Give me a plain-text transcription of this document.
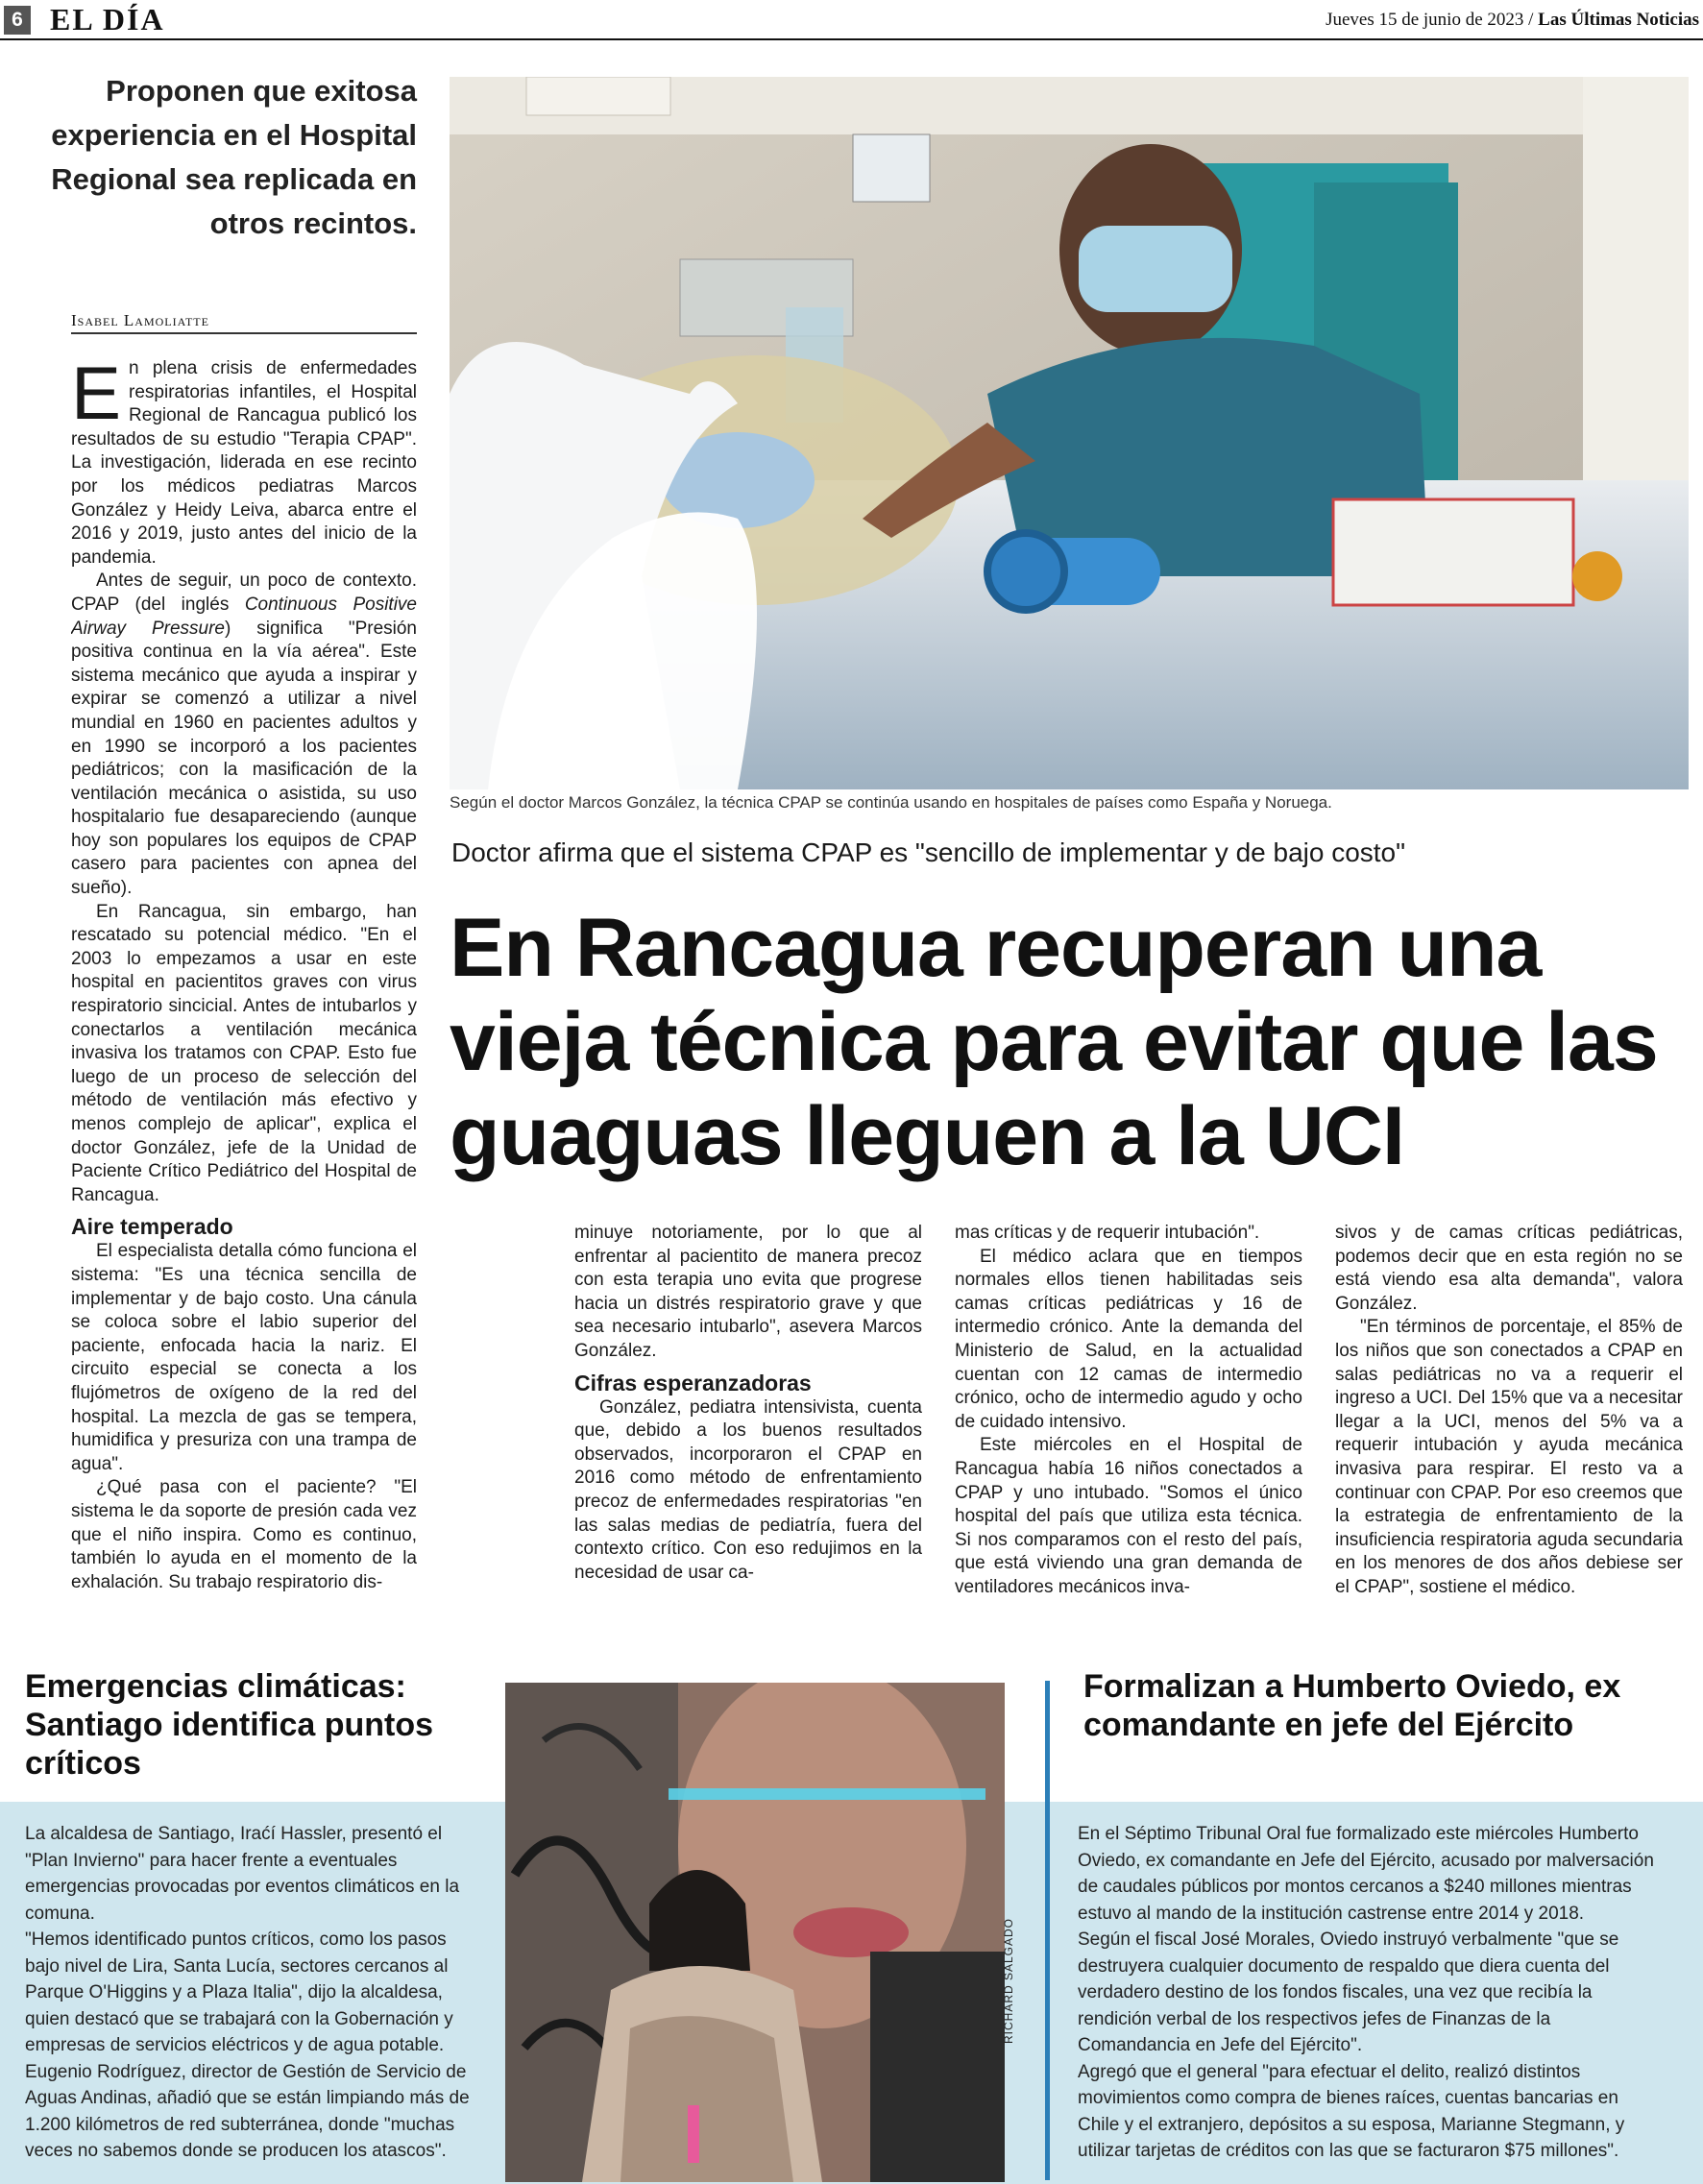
6 EL DÍA	Jueves 15 de junio de 2023 / Las Últimas Noticias
Proponen que exitosa experiencia en el Hospital Regional sea replicada en otros recintos.
Isabel Lamoliatte

En plena crisis de enfermedades respiratorias infantiles, el Hospital Regional de Rancagua publicó los resultados de su estudio "Terapia CPAP". La investigación, liderada en ese recinto por los médicos pediatras Marcos González y Heidy Leiva, abarca entre el 2016 y 2019, justo antes del inicio de la pandemia.

Antes de seguir, un poco de contexto. CPAP (del inglés Continuous Positive Airway Pressure) significa "Presión positiva continua en la vía aérea". Este sistema mecánico que ayuda a inspirar y expirar se comenzó a utilizar a nivel mundial en 1960 en pacientes adultos y en 1990 se incorporó a los pacientes pediátricos; con la masificación de la ventilación mecánica o asistida, su uso hospitalario fue desapareciendo (aunque hoy son populares los equipos de CPAP casero para pacientes con apnea del sueño).

En Rancagua, sin embargo, han rescatado su potencial médico. "En el 2003 lo empezamos a usar en este hospital en pacientitos graves con virus respiratorio sincicial. Antes de intubarlos y conectarlos a ventilación mecánica invasiva los tratamos con CPAP. Esto fue luego de un proceso de selección del método de ventilación más efectivo y menos complejo de aplicar", explica el doctor González, jefe de la Unidad de Paciente Crítico Pediátrico del Hospital de Rancagua.

Aire temperado

El especialista detalla cómo funciona el sistema: "Es una técnica sencilla de implementar y de bajo costo. Una cánula se coloca sobre el labio superior del paciente, enfocada hacia la nariz. El circuito especial se conecta a los flujómetros de oxígeno de la red del hospital. La mezcla de gas se tempera, humidifica y presuriza con una trampa de agua".

¿Qué pasa con el paciente? "El sistema le da soporte de presión cada vez que el niño inspira. Como es continuo, también lo ayuda en el momento de la exhalación. Su trabajo respiratorio dis-

Según el doctor Marcos González, la técnica CPAP se continúa usando en hospitales de países como España y Noruega.
Doctor afirma que el sistema CPAP es "sencillo de implementar y de bajo costo"
En Rancagua recuperan una vieja técnica para evitar que las guaguas lleguen a la UCI

minuye notoriamente, por lo que al enfrentar al pacientito de manera precoz con esta terapia uno evita que progrese hacia un distrés respiratorio grave y que sea necesario intubarlo", asevera Marcos González.

Cifras esperanzadoras

González, pediatra intensivista, cuenta que, debido a los buenos resultados observados, incorporaron el CPAP en 2016 como método de enfrentamiento precoz de enfermedades respiratorias "en las salas medias de pediatría, fuera del contexto crítico. Con eso redujimos en la necesidad de usar ca-

mas críticas y de requerir intubación".

El médico aclara que en tiempos normales ellos tienen habilitadas seis camas críticas pediátricas y 16 de intermedio crónico. Ante la demanda del Ministerio de Salud, en la actualidad cuentan con 12 camas de intermedio crónico, ocho de intermedio agudo y ocho de cuidado intensivo.

Este miércoles en el Hospital de Rancagua había 16 niños conectados a CPAP y uno intubado. "Somos el único hospital del país que utiliza esta técnica. Si nos comparamos con el resto del país, que está viviendo una gran demanda de ventiladores mecánicos inva-

sivos y de camas críticas pediátricas, podemos decir que en esta región no se está viendo esa alta demanda", valora González.

"En términos de porcentaje, el 85% de los niños que son conectados a CPAP en salas pediátricas no va a requerir el ingreso a UCI. Del 15% que va a necesitar llegar a la UCI, menos del 5% va a requerir intubación y ayuda mecánica invasiva para respirar. El resto va a continuar con CPAP. Por eso creemos que la estrategia de enfrentamiento de la insuficiencia respiratoria aguda secundaria en los menores de dos años debiese ser el CPAP", sostiene el médico.

Emergencias climáticas: Santiago identifica puntos críticos

La alcaldesa de Santiago, Iraćí Hassler, presentó el "Plan Invierno" para hacer frente a eventuales emergencias provocadas por eventos climáticos en la comuna.

"Hemos identificado puntos críticos, como los pasos bajo nivel de Lira, Santa Lucía, sectores cercanos al Parque O'Higgins y a Plaza Italia", dijo la alcaldesa, quien destacó que se trabajará con la Gobernación y empresas de servicios eléctricos y de agua potable.

Eugenio Rodríguez, director de Gestión de Servicio de Aguas Andinas, añadió que se están limpiando más de 1.200 kilómetros de red subterránea, donde "muchas veces no sabemos donde se producen los atascos".

RICHARD SALGADO
Formalizan a Humberto Oviedo, ex comandante en jefe del Ejército

En el Séptimo Tribunal Oral fue formalizado este miércoles Humberto Oviedo, ex comandante en Jefe del Ejército, acusado por malversación de caudales públicos por montos cercanos a $240 millones mientras estuvo al mando de la institución castrense entre 2014 y 2018.

Según el fiscal José Morales, Oviedo instruyó verbalmente "que se destruyera cualquier documento de respaldo que diera cuenta del verdadero destino de los fondos fiscales, una vez que recibía la rendición verbal de los respectivos jefes de Finanzas de la Comandancia en Jefe del Ejército".

Agregó que el general "para efectuar el delito, realizó distintos movimientos como compra de bienes raíces, cuentas bancarias en Chile y el extranjero, depósitos a su esposa, Marianne Stegmann, y utilizar tarjetas de créditos con las que se facturaron $75 millones".
